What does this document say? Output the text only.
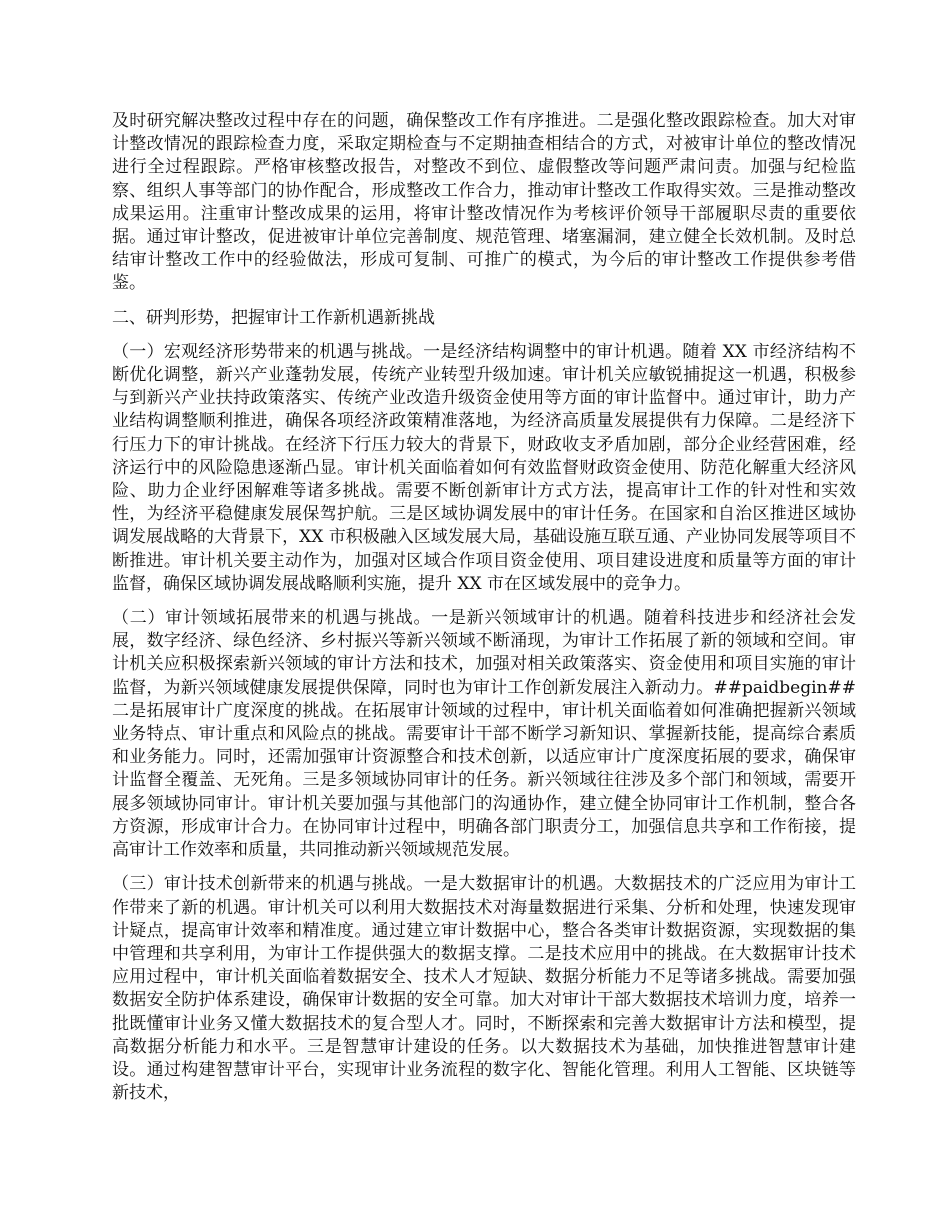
及时研究解决整改过程中存在的问题，确保整改工作有序推进。二是强化整改跟踪检查。加大对审计整改情况的跟踪检查力度，采取定期检查与不定期抽查相结合的方式，对被审计单位的整改情况进行全过程跟踪。严格审核整改报告，对整改不到位、虚假整改等问题严肃问责。加强与纪检监察、组织人事等部门的协作配合，形成整改工作合力，推动审计整改工作取得实效。三是推动整改成果运用。注重审计整改成果的运用，将审计整改情况作为考核评价领导干部履职尽责的重要依据。通过审计整改，促进被审计单位完善制度、规范管理、堵塞漏洞，建立健全长效机制。及时总结审计整改工作中的经验做法，形成可复制、可推广的模式，为今后的审计整改工作提供参考借鉴。

二、研判形势，把握审计工作新机遇新挑战

（一）宏观经济形势带来的机遇与挑战。一是经济结构调整中的审计机遇。随着 XX 市经济结构不断优化调整，新兴产业蓬勃发展，传统产业转型升级加速。审计机关应敏锐捕捉这一机遇，积极参与到新兴产业扶持政策落实、传统产业改造升级资金使用等方面的审计监督中。通过审计，助力产业结构调整顺利推进，确保各项经济政策精准落地，为经济高质量发展提供有力保障。二是经济下行压力下的审计挑战。在经济下行压力较大的背景下，财政收支矛盾加剧，部分企业经营困难，经济运行中的风险隐患逐渐凸显。审计机关面临着如何有效监督财政资金使用、防范化解重大经济风险、助力企业纾困解难等诸多挑战。需要不断创新审计方式方法，提高审计工作的针对性和实效性，为经济平稳健康发展保驾护航。三是区域协调发展中的审计任务。在国家和自治区推进区域协调发展战略的大背景下，XX 市积极融入区域发展大局，基础设施互联互通、产业协同发展等项目不断推进。审计机关要主动作为，加强对区域合作项目资金使用、项目建设进度和质量等方面的审计监督，确保区域协调发展战略顺利实施，提升 XX 市在区域发展中的竞争力。

（二）审计领域拓展带来的机遇与挑战。一是新兴领域审计的机遇。随着科技进步和经济社会发展，数字经济、绿色经济、乡村振兴等新兴领域不断涌现，为审计工作拓展了新的领域和空间。审计机关应积极探索新兴领域的审计方法和技术，加强对相关政策落实、资金使用和项目实施的审计监督，为新兴领域健康发展提供保障，同时也为审计工作创新发展注入新动力。##paidbegin##二是拓展审计广度深度的挑战。在拓展审计领域的过程中，审计机关面临着如何准确把握新兴领域业务特点、审计重点和风险点的挑战。需要审计干部不断学习新知识、掌握新技能，提高综合素质和业务能力。同时，还需加强审计资源整合和技术创新，以适应审计广度深度拓展的要求，确保审计监督全覆盖、无死角。三是多领域协同审计的任务。新兴领域往往涉及多个部门和领域，需要开展多领域协同审计。审计机关要加强与其他部门的沟通协作，建立健全协同审计工作机制，整合各方资源，形成审计合力。在协同审计过程中，明确各部门职责分工，加强信息共享和工作衔接，提高审计工作效率和质量，共同推动新兴领域规范发展。

（三）审计技术创新带来的机遇与挑战。一是大数据审计的机遇。大数据技术的广泛应用为审计工作带来了新的机遇。审计机关可以利用大数据技术对海量数据进行采集、分析和处理，快速发现审计疑点，提高审计效率和精准度。通过建立审计数据中心，整合各类审计数据资源，实现数据的集中管理和共享利用，为审计工作提供强大的数据支撑。二是技术应用中的挑战。在大数据审计技术应用过程中，审计机关面临着数据安全、技术人才短缺、数据分析能力不足等诸多挑战。需要加强数据安全防护体系建设，确保审计数据的安全可靠。加大对审计干部大数据技术培训力度，培养一批既懂审计业务又懂大数据技术的复合型人才。同时，不断探索和完善大数据审计方法和模型，提高数据分析能力和水平。三是智慧审计建设的任务。以大数据技术为基础，加快推进智慧审计建设。通过构建智慧审计平台，实现审计业务流程的数字化、智能化管理。利用人工智能、区块链等新技术，
